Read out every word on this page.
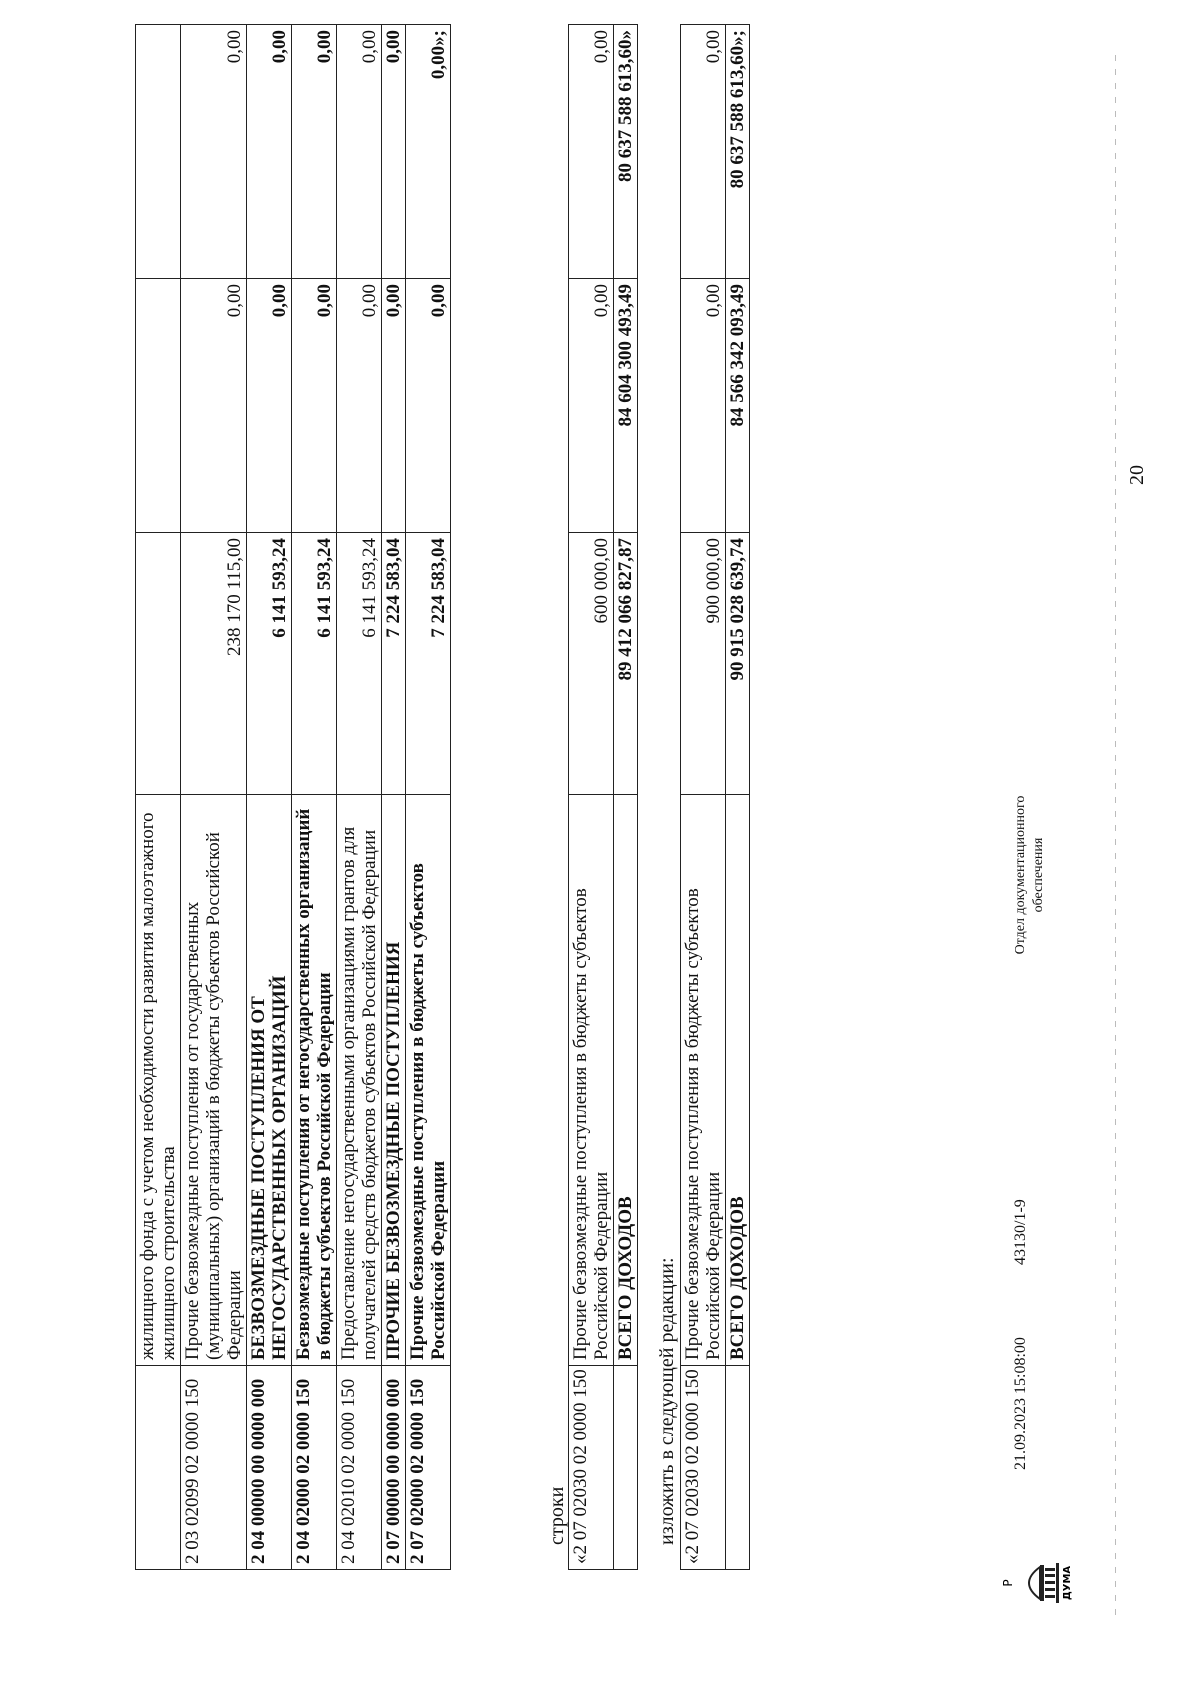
20
	жилищного фонда с учетом необходимости развития малоэтажного жилищного строительства			
2 03 02099 02 0000 150	Прочие безвозмездные поступления от государственных (муниципальных) организаций в бюджеты субъектов Российской Федерации	238 170 115,00	0,00	0,00
2 04 00000 00 0000 000	БЕЗВОЗМЕЗДНЫЕ ПОСТУПЛЕНИЯ ОТ НЕГОСУДАРСТВЕННЫХ ОРГАНИЗАЦИЙ	6 141 593,24	0,00	0,00
2 04 02000 02 0000 150	Безвозмездные поступления от негосударственных организаций в бюджеты субъектов Российской Федерации	6 141 593,24	0,00	0,00
2 04 02010 02 0000 150	Предоставление негосударственными организациями грантов для получателей средств бюджетов субъектов Российской Федерации	6 141 593,24	0,00	0,00
2 07 00000 00 0000 000	ПРОЧИЕ БЕЗВОЗМЕЗДНЫЕ ПОСТУПЛЕНИЯ	7 224 583,04	0,00	0,00
2 07 02000 02 0000 150	Прочие безвозмездные поступления в бюджеты субъектов Российской Федерации	7 224 583,04	0,00	0,00»;
строки «2 07 02030 02 0000 150	Прочие безвозмездные поступления в бюджеты субъектов Российской Федерации	600 000,00	0,00	0,00
	ВСЕГО ДОХОДОВ	89 412 066 827,87	84 604 300 493,49	80 637 588 613,60»
изложить в следующей редакции: «2 07 02030 02 0000 150	Прочие безвозмездные поступления в бюджеты субъектов Российской Федерации	900 000,00	0,00	0,00
	ВСЕГО ДОХОДОВ	90 915 028 639,74	84 566 342 093,49	80 637 588 613,60»;
Р	ДУМА
21.09.2023 15:08:00
43130/1-9
Отдел документационного обеспечения
